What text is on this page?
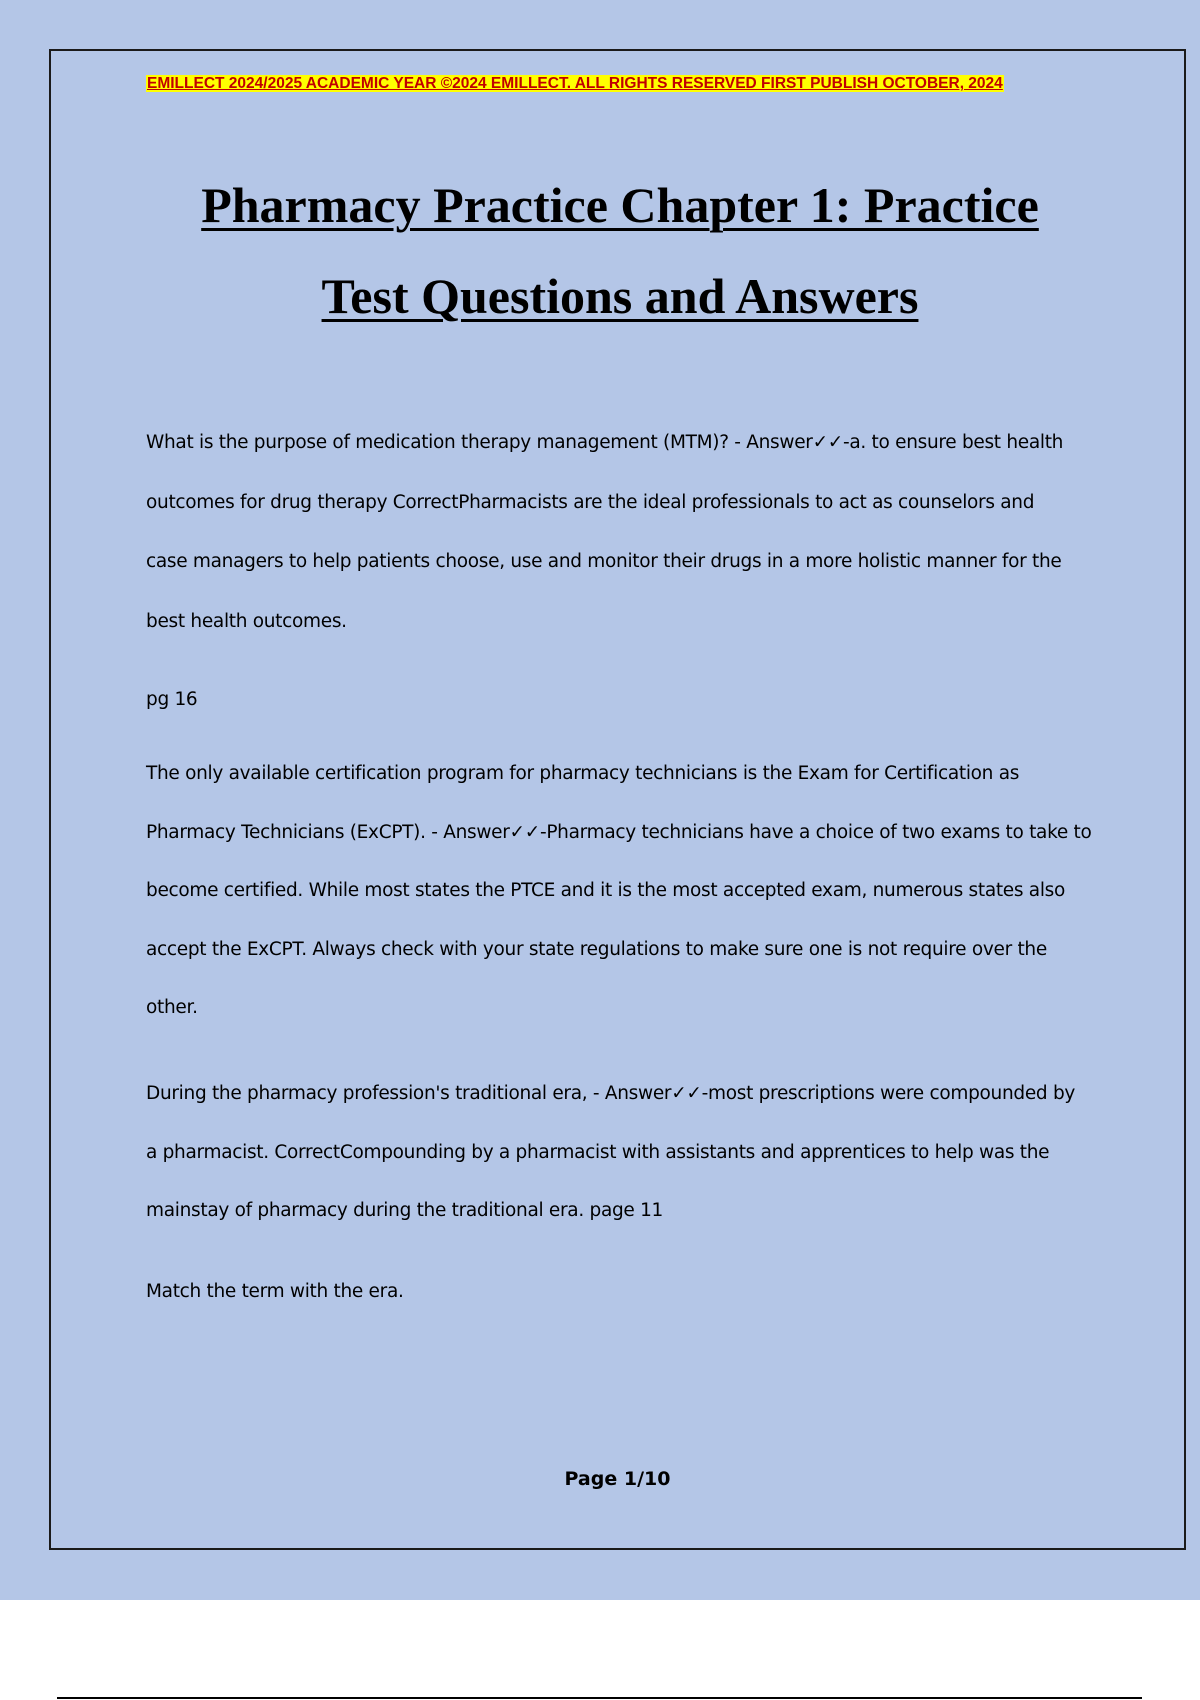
EMILLECT 2024/2025 ACADEMIC YEAR ©2024 EMILLECT. ALL RIGHTS RESERVED FIRST PUBLISH OCTOBER, 2024
Pharmacy Practice Chapter 1: Practice
Test Questions and Answers

What is the purpose of medication therapy management (MTM)? - Answer✓✓-a. to ensure best health outcomes for drug therapy CorrectPharmacists are the ideal professionals to act as counselors and case managers to help patients choose, use and monitor their drugs in a more holistic manner for the best health outcomes.

pg 16

The only available certification program for pharmacy technicians is the Exam for Certification as Pharmacy Technicians (ExCPT). - Answer✓✓-Pharmacy technicians have a choice of two exams to take to become certified. While most states the PTCE and it is the most accepted exam, numerous states also accept the ExCPT. Always check with your state regulations to make sure one is not require over the other.

During the pharmacy profession's traditional era, - Answer✓✓-most prescriptions were compounded by a pharmacist. CorrectCompounding by a pharmacist with assistants and apprentices to help was the mainstay of pharmacy during the traditional era. page 11

Match the term with the era.

Page 1/10
